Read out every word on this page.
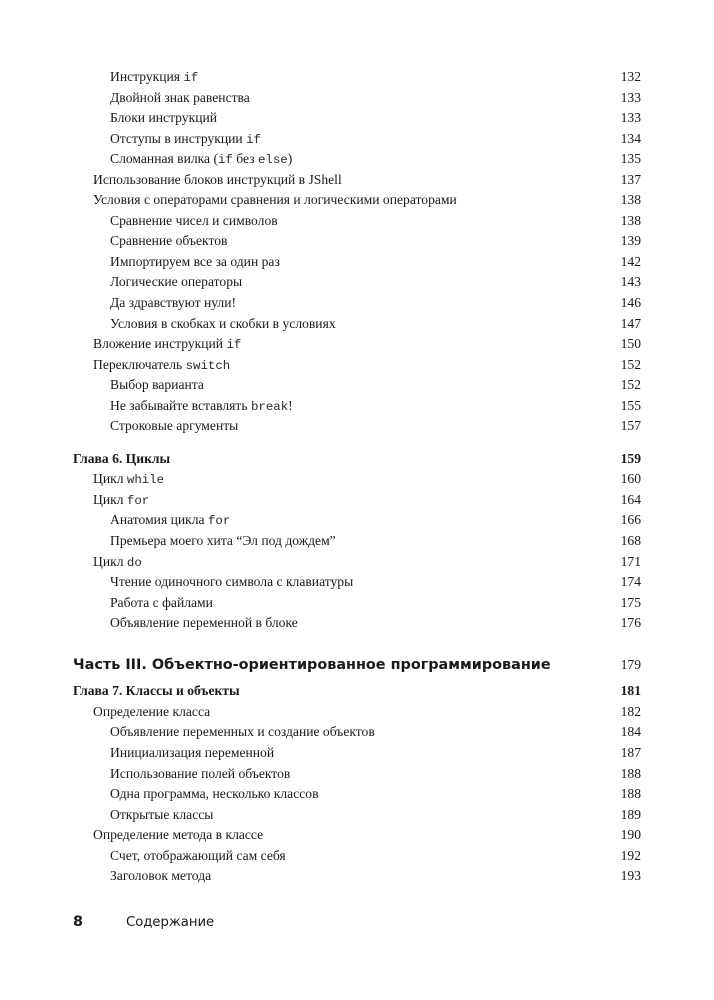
Инструкция if	132
Двойной знак равенства	133
Блоки инструкций	133
Отступы в инструкции if	134
Сломанная вилка (if без else)	135
Использование блоков инструкций в JShell	137
Условия с операторами сравнения и логическими операторами	138
Сравнение чисел и символов	138
Сравнение объектов	139
Импортируем все за один раз	142
Логические операторы	143
Да здравствуют нули!	146
Условия в скобках и скобки в условиях	147
Вложение инструкций if	150
Переключатель switch	152
Выбор варианта	152
Не забывайте вставлять break!	155
Строковые аргументы	157
Глава 6. Циклы	159
Цикл while	160
Цикл for	164
Анатомия цикла for	166
Премьера моего хита “Эл под дождем”	168
Цикл do	171
Чтение одиночного символа с клавиатуры	174
Работа с файлами	175
Объявление переменной в блоке	176
Часть III. Объектно-ориентированное программирование	179
Глава 7. Классы и объекты	181
Определение класса	182
Объявление переменных и создание объектов	184
Инициализация переменной	187
Использование полей объектов	188
Одна программа, несколько классов	188
Открытые классы	189
Определение метода в классе	190
Счет, отображающий сам себя	192
Заголовок метода	193
8	Содержание
